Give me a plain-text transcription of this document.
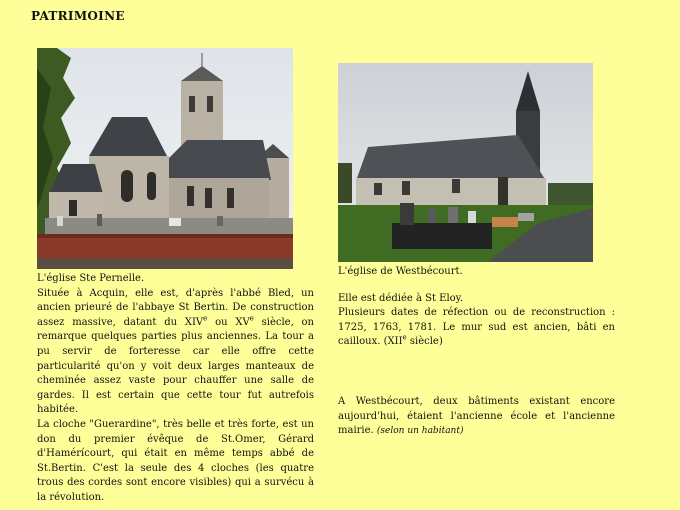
PATRIMOINE

L'église Ste Pernelle.

Située à Acquin, elle est, d'après l'abbé Bled, un ancien prieuré de l'abbaye St Bertin. De construction assez massive, datant du XIVe ou XVe siècle, on remarque quelques parties plus anciennes. La tour a pu servir de forteresse car elle offre cette particularité qu'on y voit deux larges manteaux de cheminée assez vaste pour chauffer une salle de gardes. Il est certain que cette tour fut autrefois habitée.

La cloche "Guerardine", très belle et très forte, est un don du premier évêque de St.Omer, Gérard d'Hamérícourt, qui était en même temps abbé de St.Bertin. C'est la seule des 4 cloches (les quatre trous des cordes sont encore visibles) qui a survécu à la révolution.

L'église de Westbécourt.

Elle est dédiée à St Eloy.

Plusieurs dates de réfection ou de reconstruction : 1725, 1763, 1781. Le mur sud est ancien, bâti en cailloux. (XIIe siècle)

A Westbécourt, deux bâtiments existant encore aujourd'hui, étaient l'ancienne école et l'ancienne mairie. (selon un habitant)
